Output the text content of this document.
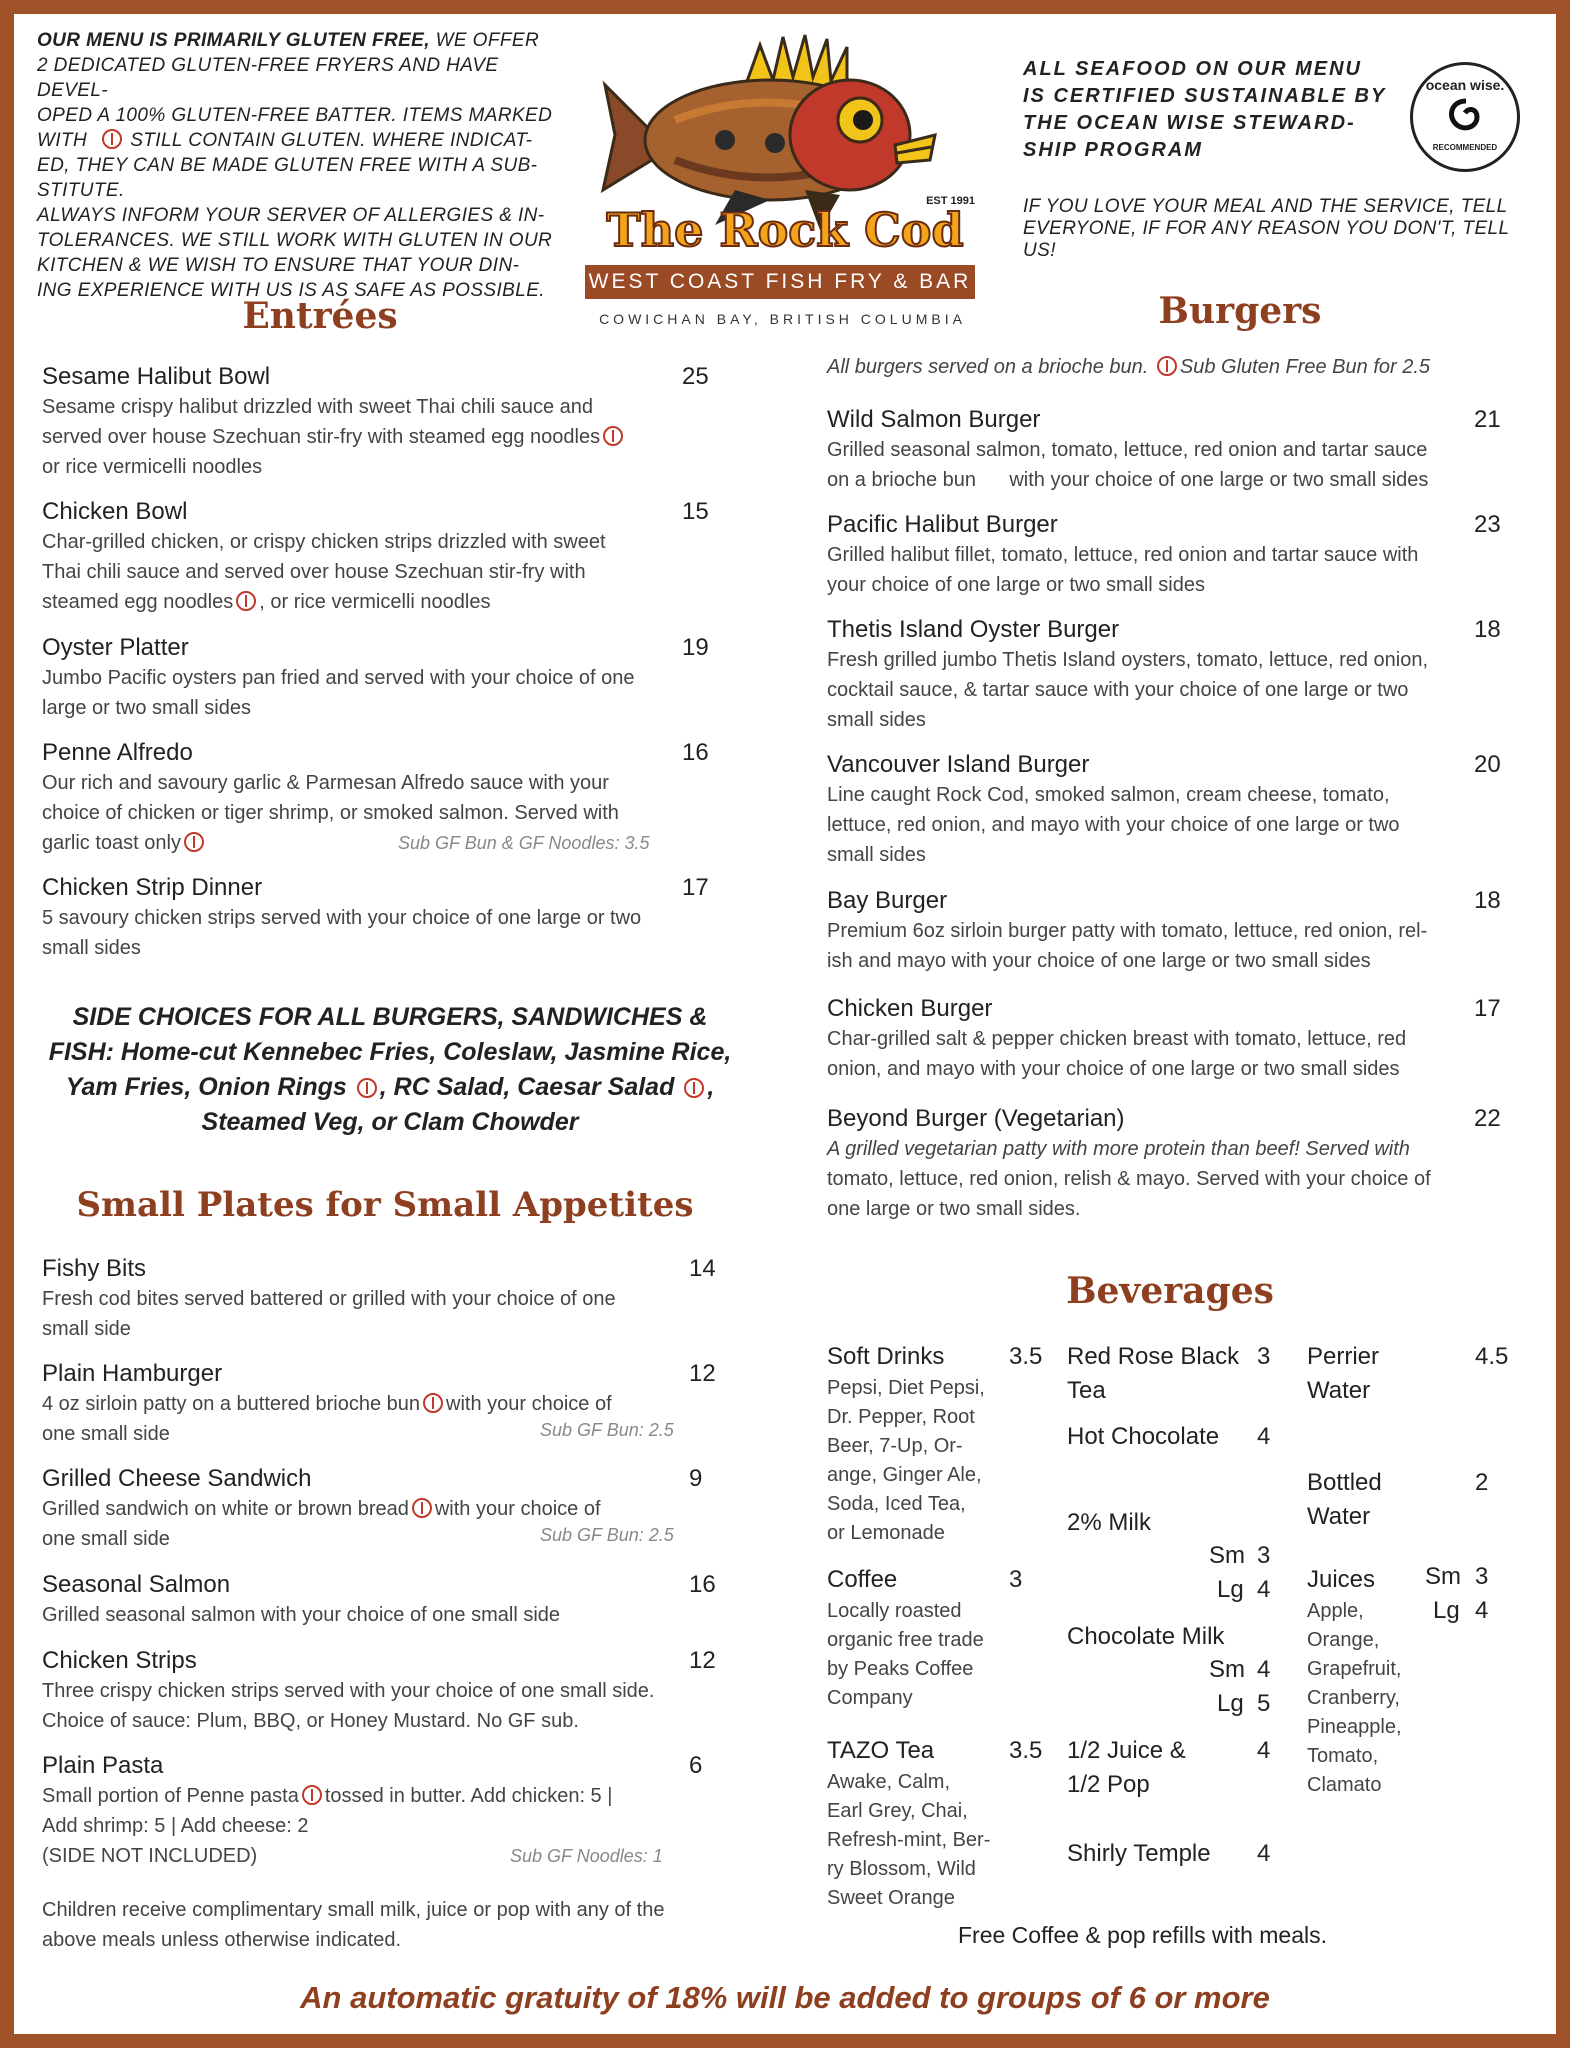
OUR MENU IS PRIMARILY GLUTEN FREE, WE OFFER
2 DEDICATED GLUTEN-FREE FRYERS AND HAVE DEVEL-
OPED A 100% GLUTEN-FREE BATTER. ITEMS MARKED
WITH STILL CONTAIN GLUTEN. WHERE INDICAT-
ED, THEY CAN BE MADE GLUTEN FREE WITH A SUB-
STITUTE.
ALWAYS INFORM YOUR SERVER OF ALLERGIES & IN-
TOLERANCES. WE STILL WORK WITH GLUTEN IN OUR
KITCHEN & WE WISH TO ENSURE THAT YOUR DIN-
ING EXPERIENCE WITH US IS AS SAFE AS POSSIBLE.
EST 1991
The Rock Cod
WEST COAST FISH FRY & BAR
COWICHAN BAY, BRITISH COLUMBIA
ALL SEAFOOD ON OUR MENU
IS CERTIFIED SUSTAINABLE BY
THE OCEAN WISE STEWARD-
SHIP PROGRAM
ocean wise.
RECOMMENDED
IF YOU LOVE YOUR MEAL AND THE SERVICE, TELL
EVERYONE, IF FOR ANY REASON YOU DON'T, TELL
US!
Entrées
Sesame Halibut Bowl	25
Sesame crispy halibut drizzled with sweet Thai chili sauce and
served over house Szechuan stir-fry with steamed egg noodles
or rice vermicelli noodles
Chicken Bowl	15
Char-grilled chicken, or crispy chicken strips drizzled with sweet
Thai chili sauce and served over house Szechuan stir-fry with
steamed egg noodles , or rice vermicelli noodles
Oyster Platter	19
Jumbo Pacific oysters pan fried and served with your choice of one
large or two small sides
Penne Alfredo	16
Our rich and savoury garlic & Parmesan Alfredo sauce with your
choice of chicken or tiger shrimp, or smoked salmon. Served with
garlic toast only	Sub GF Bun & GF Noodles: 3.5
Chicken Strip Dinner	17
5 savoury chicken strips served with your choice of one large or two
small sides
SIDE CHOICES FOR ALL BURGERS, SANDWICHES &
FISH: Home-cut Kennebec Fries, Coleslaw, Jasmine Rice,
Yam Fries, Onion Rings , RC Salad, Caesar Salad ,
Steamed Veg, or Clam Chowder
Small Plates for Small Appetites
Fishy Bits	14
Fresh cod bites served battered or grilled with your choice of one
small side
Plain Hamburger	12
4 oz sirloin patty on a buttered brioche bun with your choice of
one small side	Sub GF Bun: 2.5
Grilled Cheese Sandwich	9
Grilled sandwich on white or brown bread with your choice of
one small side	Sub GF Bun: 2.5
Seasonal Salmon	16
Grilled seasonal salmon with your choice of one small side
Chicken Strips	12
Three crispy chicken strips served with your choice of one small side.
Choice of sauce: Plum, BBQ, or Honey Mustard. No GF sub.
Plain Pasta	6
Small portion of Penne pasta tossed in butter. Add chicken: 5 |
Add shrimp: 5 | Add cheese: 2
(SIDE NOT INCLUDED)	Sub GF Noodles: 1
Children receive complimentary small milk, juice or pop with any of the
above meals unless otherwise indicated.
Burgers
All burgers served on a brioche bun. Sub Gluten Free Bun for 2.5
Wild Salmon Burger	21
Grilled seasonal salmon, tomato, lettuce, red onion and tartar sauce
on a brioche bun      with your choice of one large or two small sides
Pacific Halibut Burger	23
Grilled halibut fillet, tomato, lettuce, red onion and tartar sauce with
your choice of one large or two small sides
Thetis Island Oyster Burger	18
Fresh grilled jumbo Thetis Island oysters, tomato, lettuce, red onion,
cocktail sauce, & tartar sauce with your choice of one large or two
small sides
Vancouver Island Burger	20
Line caught Rock Cod, smoked salmon, cream cheese, tomato,
lettuce, red onion, and mayo with your choice of one large or two
small sides
Bay Burger	18
Premium 6oz sirloin burger patty with tomato, lettuce, red onion, rel-
ish and mayo with your choice of one large or two small sides
Chicken Burger	17
Char-grilled salt & pepper chicken breast with tomato, lettuce, red
onion, and mayo with your choice of one large or two small sides
Beyond Burger (Vegetarian)	22
A grilled vegetarian patty with more protein than beef! Served with
tomato, lettuce, red onion, relish & mayo. Served with your choice of
one large or two small sides.
Beverages
Soft Drinks	3.5
Pepsi, Diet Pepsi,
Dr. Pepper, Root
Beer, 7-Up, Or-
ange, Ginger Ale,
Soda, Iced Tea,
or Lemonade
Coffee	3
Locally roasted
organic free trade
by Peaks Coffee
Company
TAZO Tea	3.5
Awake, Calm,
Earl Grey, Chai,
Refresh-mint, Ber-
ry Blossom, Wild
Sweet Orange
Red Rose Black
Tea
3
Hot Chocolate	4
2% Milk
Sm 3
Lg 4
Chocolate Milk
Sm 4
Lg 5
1/2 Juice &
1/2 Pop
4
Shirly Temple	4
Perrier
Water
4.5
Bottled
Water
2
Juices	Sm 3
Lg 4
Apple,
Orange,
Grapefruit,
Cranberry,
Pineapple,
Tomato,
Clamato
Free Coffee & pop refills with meals.
An automatic gratuity of 18% will be added to groups of 6 or more
